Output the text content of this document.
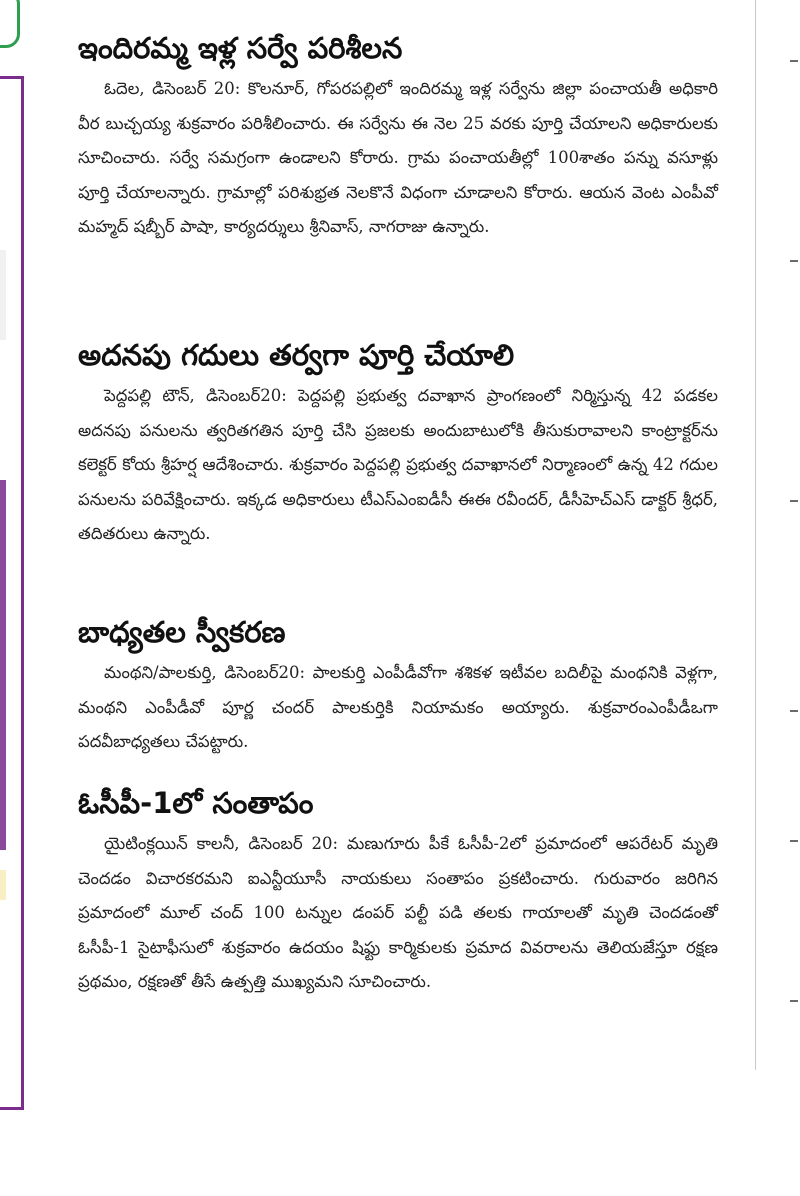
ఇందిరమ్మ ఇళ్ల సర్వే పరిశీలన
ఓదెల, డిసెంబర్ 20: కొలనూర్, గోపరపల్లిలో ఇందిరమ్మ ఇళ్ల సర్వేను జిల్లా పంచాయతీ అధికారి వీర బుచ్చయ్య శుక్రవారం పరిశీలించారు. ఈ సర్వేను ఈ నెల 25 వరకు పూర్తి చేయాలని అధికారులకు సూచించారు. సర్వే సమగ్రంగా ఉండాలని కోరారు. గ్రామ పంచాయతీల్లో 100శాతం పన్ను వసూళ్లు పూర్తి చేయాలన్నారు. గ్రామాల్లో పరిశుభ్రత నెలకొనే విధంగా చూడాలని కోరారు. ఆయన వెంట ఎంపీవో మహ్మద్ షబ్బీర్ పాషా, కార్యదర్శులు శ్రీనివాస్, నాగరాజు ఉన్నారు.
అదనపు గదులు తర్వగా పూర్తి చేయాలి
పెద్దపల్లి టౌన్, డిసెంబర్20: పెద్దపల్లి ప్రభుత్వ దవాఖాన ప్రాంగణంలో నిర్మిస్తున్న 42 పడకల అదనపు పనులను త్వరితగతిన పూర్తి చేసి ప్రజలకు అందుబాటులోకి తీసుకురావాలని కాంట్రాక్టర్‌ను కలెక్టర్ కోయ శ్రీహర్ష ఆదేశించారు. శుక్రవారం పెద్దపల్లి ప్రభుత్వ దవాఖానలో నిర్మాణంలో ఉన్న 42 గదుల పనులను పరివేక్షించారు. ఇక్కడ అధికారులు టీఎస్ఎంఐడీసీ ఈఈ రవీందర్, డీసీహెచ్ఎస్ డాక్టర్ శ్రీధర్, తదితరులు ఉన్నారు.
బాధ్యతల స్వీకరణ
మంథని/పాలకుర్తి, డిసెంబర్20: పాలకుర్తి ఎంపీడీవోగా శశికళ ఇటీవల బదిలీపై మంథనికి వెళ్లగా, మంథని ఎంపీడీవో పూర్ణ చందర్ పాలకుర్తికి నియామకం అయ్యారు. శుక్రవారంఎంపీడీఒగా పదవీబాధ్యతలు చేపట్టారు.
ఓసీపీ-1లో సంతాపం
యైటింక్లయిన్ కాలనీ, డిసెంబర్ 20: మణుగూరు పీకే ఓసీపీ-2లో ప్రమాదంలో ఆపరేటర్ మృతి చెందడం విచారకరమని ఐఎన్టీయూసీ నాయకులు సంతాపం ప్రకటించారు. గురువారం జరిగిన ప్రమాదంలో మూల్ చంద్ 100 టన్నుల డంపర్ పల్టీ పడి తలకు గాయాలతో మృతి చెందడంతో ఓసీపీ-1 సైటాఫీసులో శుక్రవారం ఉదయం షిఫ్టు కార్మికులకు ప్రమాద వివరాలను తెలియజేస్తూ రక్షణ ప్రథమం, రక్షణతో తీసే ఉత్పత్తి ముఖ్యమని సూచించారు.
